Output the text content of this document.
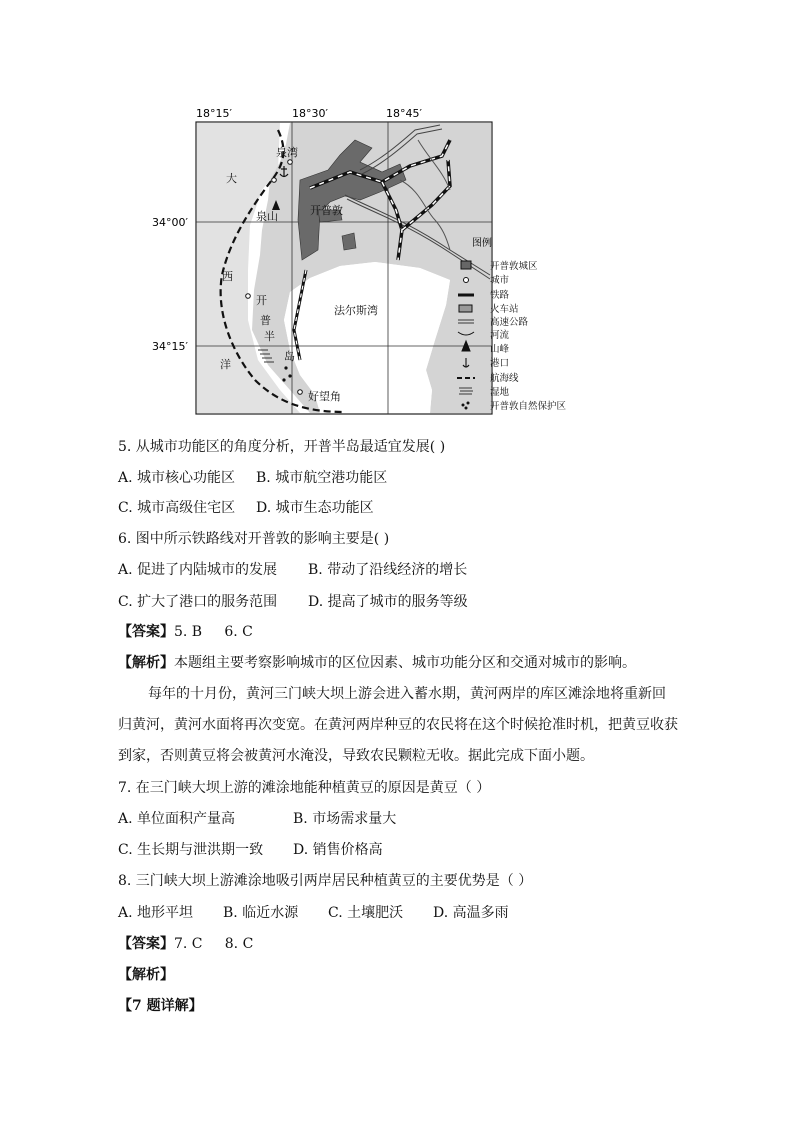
18°15′	18°30′	18°45′
34°00′
34°15′
大
西
洋
泉湾
泉山	开普敦
开
普
半
岛
法尔斯湾
好望角
图例
开普敦城区
城市
铁路
火车站
高速公路
河流
山峰
港口
航海线
湿地
开普敦自然保护区
5. 从城市功能区的角度分析，开普半岛最适宜发展( )
A. 城市核心功能区 B. 城市航空港功能区
C. 城市高级住宅区 D. 城市生态功能区
6. 图中所示铁路线对开普敦的影响主要是( )
A. 促进了内陆城市的发展 B. 带动了沿线经济的增长
C. 扩大了港口的服务范围 D. 提高了城市的服务等级
【答案】5. B     6. C
【解析】本题组主要考察影响城市的区位因素、城市功能分区和交通对城市的影响。
每年的十月份，黄河三门峡大坝上游会进入蓄水期，黄河两岸的库区滩涂地将重新回归黄河，黄河水面将再次变宽。在黄河两岸种豆的农民将在这个时候抢准时机，把黄豆收获到家，否则黄豆将会被黄河水淹没，导致农民颗粒无收。据此完成下面小题。
7. 在三门峡大坝上游的滩涂地能种植黄豆的原因是黄豆（ ）
A. 单位面积产量高	B. 市场需求量大
C. 生长期与泄洪期一致 D. 销售价格高
8. 三门峡大坝上游滩涂地吸引两岸居民种植黄豆的主要优势是（ ）
A. 地形平坦 B. 临近水源 C. 土壤肥沃 D. 高温多雨
【答案】7. C     8. C
【解析】
【7 题详解】
